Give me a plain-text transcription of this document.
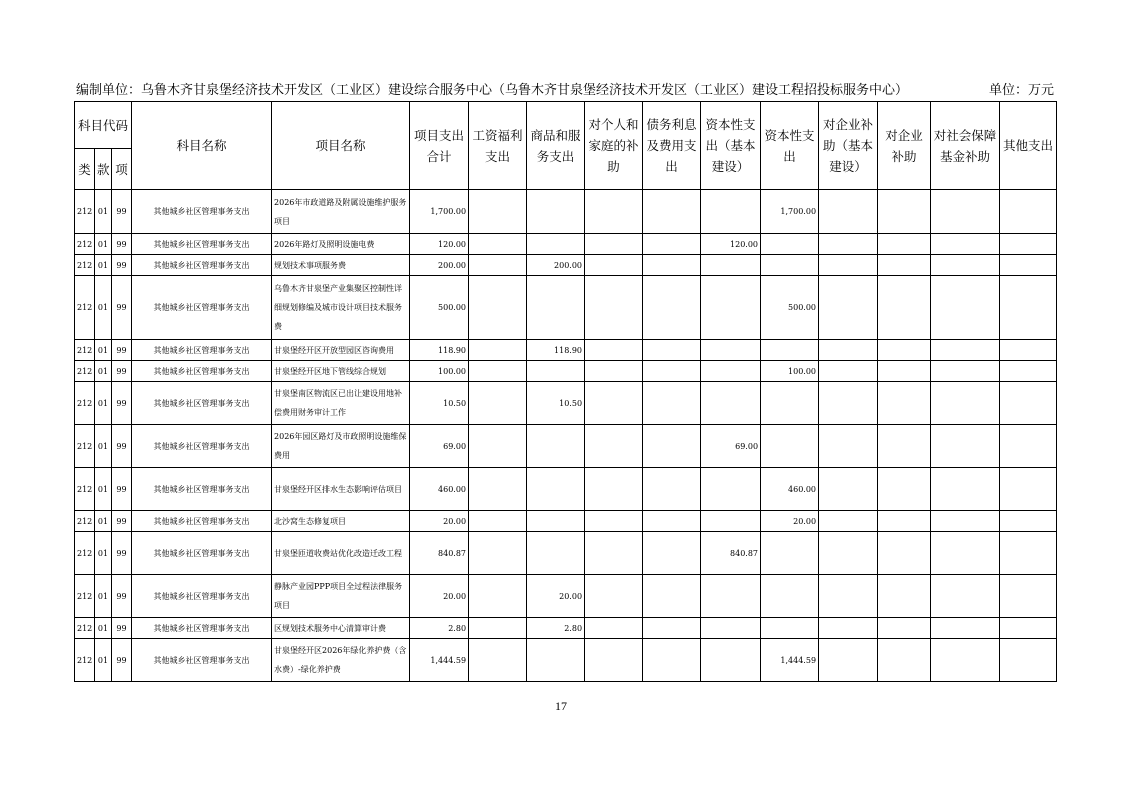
编制单位：乌鲁木齐甘泉堡经济技术开发区（工业区）建设综合服务中心（乌鲁木齐甘泉堡经济技术开发区（工业区）建设工程招投标服务中心）	单位：万元
科目代码			科目名称	项目名称	项目支出合计	工资福利支出	商品和服务支出	对个人和家庭的补助	债务利息及费用支出	资本性支出（基本建设）	资本性支出	对企业补助（基本建设）	对企业补助	对社会保障基金补助	其他支出
类	款	项													
212	01	99	其他城乡社区管理事务支出	2026年市政道路及附属设施维护服务项目	1,700.00						1,700.00				
212	01	99	其他城乡社区管理事务支出	2026年路灯及照明设施电费	120.00					120.00					
212	01	99	其他城乡社区管理事务支出	规划技术事项服务费	200.00		200.00								
212	01	99	其他城乡社区管理事务支出	乌鲁木齐甘泉堡产业集聚区控制性详细规划修编及城市设计项目技术服务费	500.00						500.00				
212	01	99	其他城乡社区管理事务支出	甘泉堡经开区开放型园区咨询费用	118.90		118.90								
212	01	99	其他城乡社区管理事务支出	甘泉堡经开区地下管线综合规划	100.00						100.00				
212	01	99	其他城乡社区管理事务支出	甘泉堡南区物流区已出让建设用地补偿费用财务审计工作	10.50		10.50								
212	01	99	其他城乡社区管理事务支出	2026年园区路灯及市政照明设施维保费用	69.00					69.00					
212	01	99	其他城乡社区管理事务支出	甘泉堡经开区排水生态影响评估项目	460.00						460.00				
212	01	99	其他城乡社区管理事务支出	北沙窝生态修复项目	20.00						20.00				
212	01	99	其他城乡社区管理事务支出	甘泉堡匝道收费站优化改造迁改工程	840.87					840.87					
212	01	99	其他城乡社区管理事务支出	静脉产业园PPP项目全过程法律服务项目	20.00		20.00								
212	01	99	其他城乡社区管理事务支出	区规划技术服务中心清算审计费	2.80		2.80								
212	01	99	其他城乡社区管理事务支出	甘泉堡经开区2026年绿化养护费（含水费）-绿化养护费	1,444.59						1,444.59				
17
